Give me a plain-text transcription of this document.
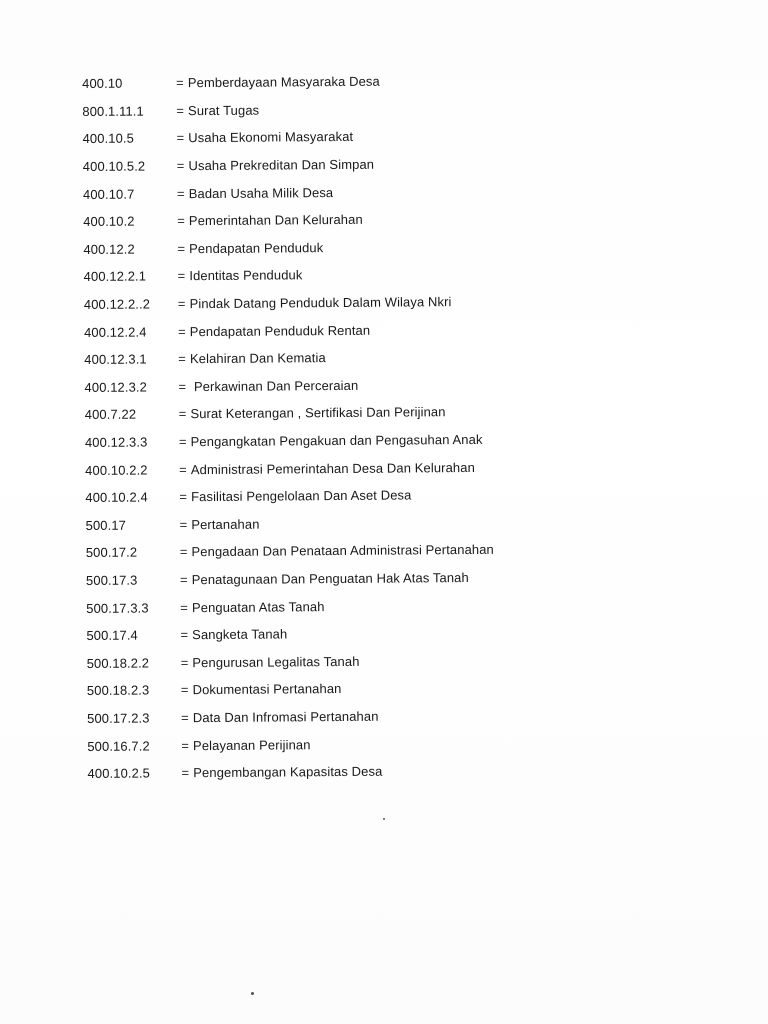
400.10	= Pemberdayaan Masyaraka Desa
800.1.11.1	= Surat Tugas
400.10.5	= Usaha Ekonomi Masyarakat
400.10.5.2	= Usaha Prekreditan Dan Simpan
400.10.7	= Badan Usaha Milik Desa
400.10.2	= Pemerintahan Dan Kelurahan
400.12.2	= Pendapatan Penduduk
400.12.2.1	= Identitas Penduduk
400.12.2..2	= Pindak Datang Penduduk Dalam Wilaya Nkri
400.12.2.4	= Pendapatan Penduduk Rentan
400.12.3.1	= Kelahiran Dan Kematia
400.12.3.2	= Perkawinan Dan Perceraian
400.7.22	= Surat Keterangan , Sertifikasi Dan Perijinan
400.12.3.3	= Pengangkatan Pengakuan dan Pengasuhan Anak
400.10.2.2	= Administrasi Pemerintahan Desa Dan Kelurahan
400.10.2.4	= Fasilitasi Pengelolaan Dan Aset Desa
500.17	= Pertanahan
500.17.2	= Pengadaan Dan Penataan Administrasi Pertanahan
500.17.3	= Penatagunaan Dan Penguatan Hak Atas Tanah
500.17.3.3	= Penguatan Atas Tanah
500.17.4	= Sangketa Tanah
500.18.2.2	= Pengurusan Legalitas Tanah
500.18.2.3	= Dokumentasi Pertanahan
500.17.2.3	= Data Dan Infromasi Pertanahan
500.16.7.2	= Pelayanan Perijinan
400.10.2.5	= Pengembangan Kapasitas Desa
